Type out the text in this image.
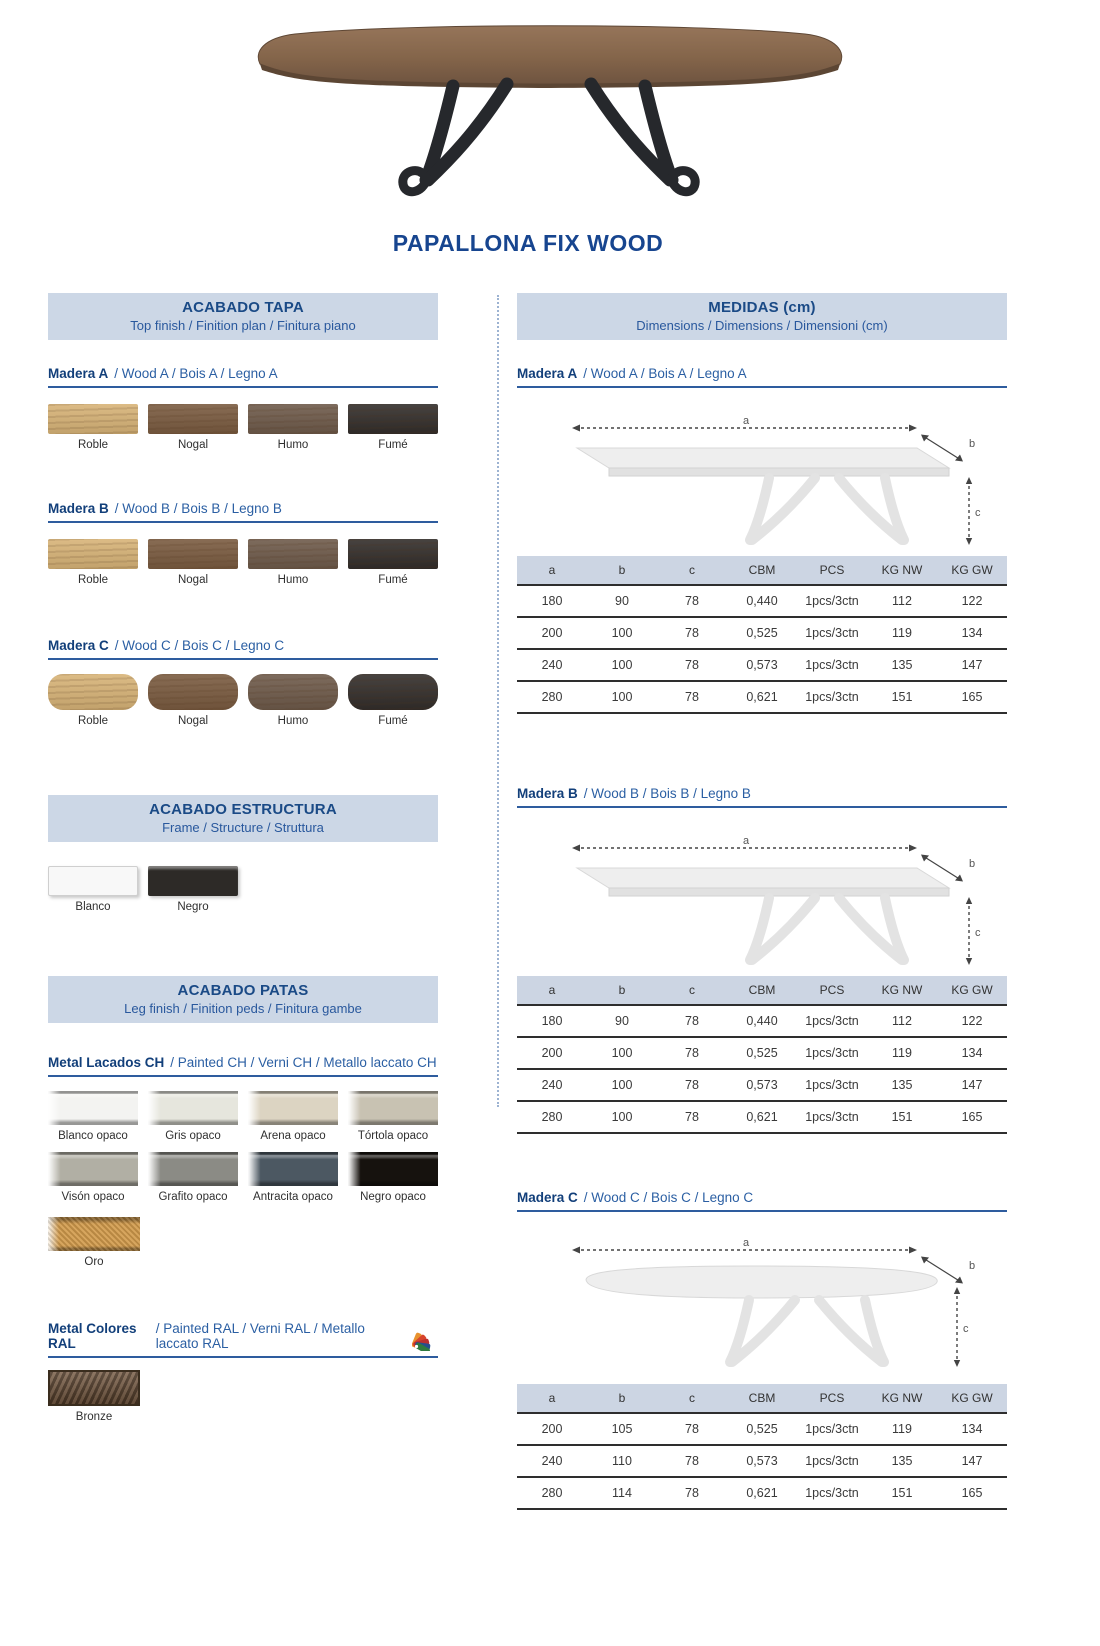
PAPALLONA FIX WOOD
ACABADO TAPA
Top finish / Finition plan / Finitura piano
Madera A / Wood A / Bois A / Legno A
Roble	Nogal	Humo	Fumé
Madera B / Wood B / Bois B / Legno B
Roble	Nogal	Humo	Fumé
Madera C / Wood C / Bois C / Legno C
Roble	Nogal	Humo	Fumé
ACABADO ESTRUCTURA
Frame / Structure / Struttura
Blanco	Negro
ACABADO PATAS
Leg finish / Finition peds / Finitura gambe
Metal Lacados CH / Painted CH / Verni CH / Metallo laccato CH
Blanco opaco	Gris opaco	Arena opaco	Tórtola opaco
Visón opaco	Grafito opaco	Antracita opaco	Negro opaco
Oro
Metal Colores RAL
/ Painted RAL / Verni RAL / Metallo laccato RAL
Bronze
MEDIDAS (cm)
Dimensions / Dimensions / Dimensioni (cm)
Madera A / Wood A / Bois A / Legno A
a
b
c
a	b	c	CBM	PCS	KG NW	KG GW
180	90	78	0,440	1pcs/3ctn	112	122
200	100	78	0,525	1pcs/3ctn	119	134
240	100	78	0,573	1pcs/3ctn	135	147
280	100	78	0,621	1pcs/3ctn	151	165
Madera B / Wood B / Bois B / Legno B
a
b
c
a	b	c	CBM	PCS	KG NW	KG GW
180	90	78	0,440	1pcs/3ctn	112	122
200	100	78	0,525	1pcs/3ctn	119	134
240	100	78	0,573	1pcs/3ctn	135	147
280	100	78	0,621	1pcs/3ctn	151	165
Madera C / Wood C / Bois C / Legno C
a
b
c
a	b	c	CBM	PCS	KG NW	KG GW
200	105	78	0,525	1pcs/3ctn	119	134
240	110	78	0,573	1pcs/3ctn	135	147
280	114	78	0,621	1pcs/3ctn	151	165
